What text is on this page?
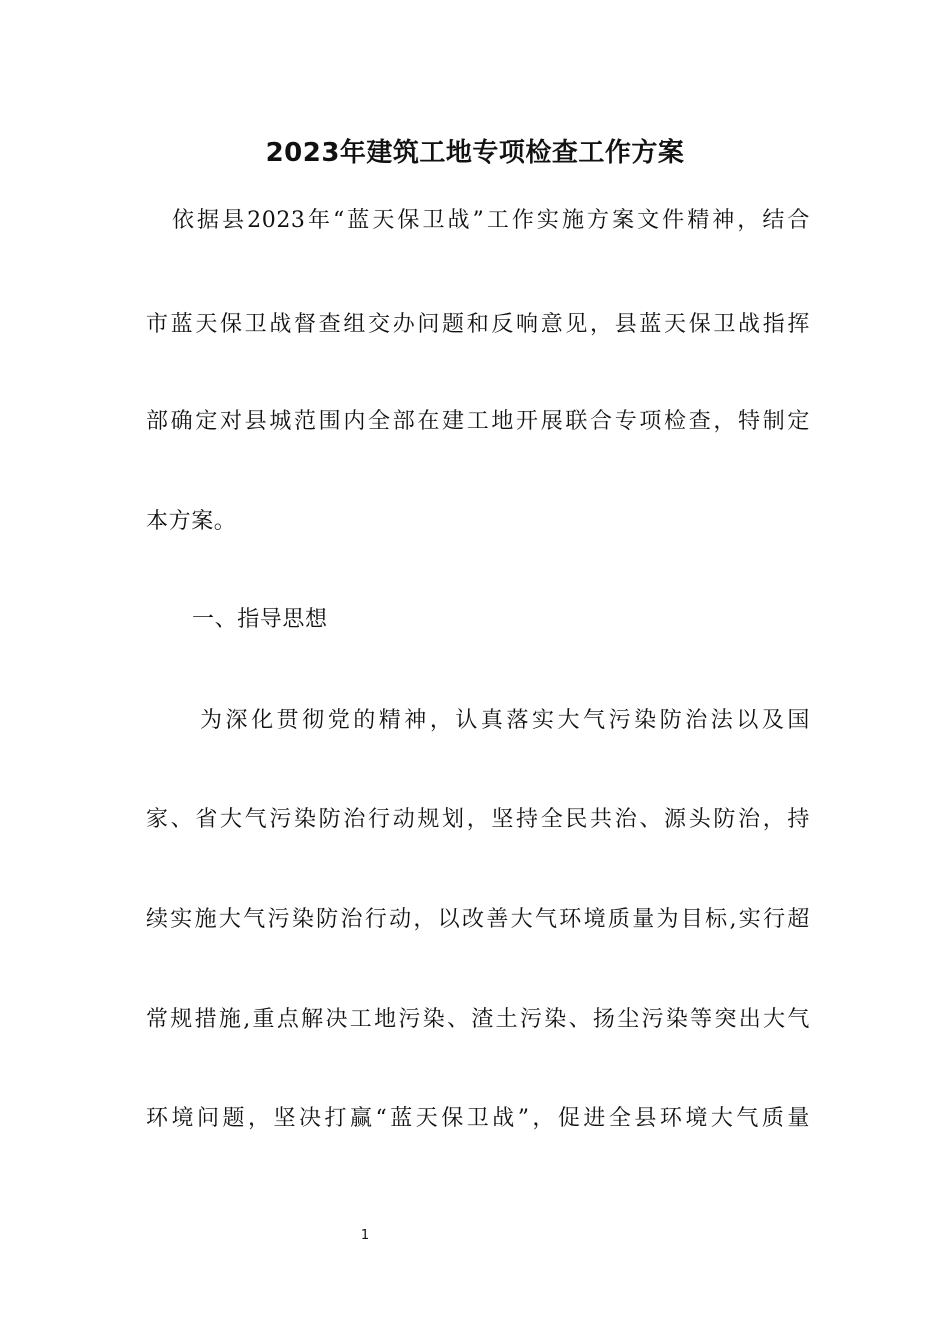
2023年建筑工地专项检查工作方案
依据县2023年“蓝天保卫战”工作实施方案文件精神，结合
市蓝天保卫战督查组交办问题和反响意见，县蓝天保卫战指挥
部确定对县城范围内全部在建工地开展联合专项检查，特制定
本方案。
一、指导思想
为深化贯彻党的精神，认真落实大气污染防治法以及国
家、省大气污染防治行动规划，坚持全民共治、源头防治，持
续实施大气污染防治行动，以改善大气环境质量为目标,实行超
常规措施,重点解决工地污染、渣土污染、扬尘污染等突出大气
环境问题，坚决打赢“蓝天保卫战”，促进全县环境大气质量
1
